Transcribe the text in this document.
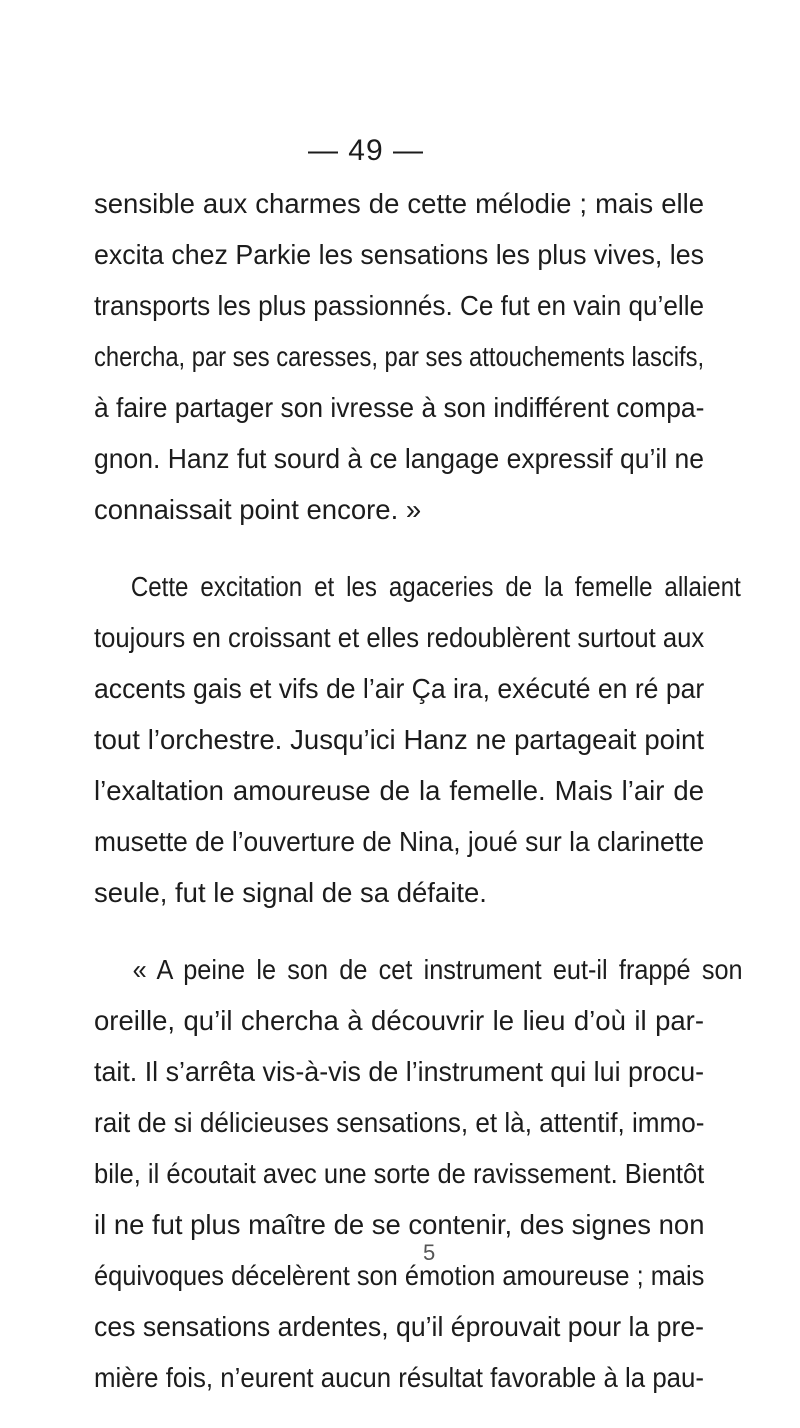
— 49 —
sensible aux charmes de cette mélodie ; mais elle
excita chez Parkie les sensations les plus vives, les
transports les plus passionnés. Ce fut en vain qu’elle
chercha, par ses caresses, par ses attouchements lascifs,
à faire partager son ivresse à son indifférent compa-
gnon. Hanz fut sourd à ce langage expressif qu’il ne
connaissait point encore. »
Cette excitation et les agaceries de la femelle allaient
toujours en croissant et elles redoublèrent surtout aux
accents gais et vifs de l’air Ça ira, exécuté en ré par
tout l’orchestre. Jusqu’ici Hanz ne partageait point
l’exaltation amoureuse de la femelle. Mais l’air de
musette de l’ouverture de Nina, joué sur la clarinette
seule, fut le signal de sa défaite.
« A peine le son de cet instrument eut-il frappé son
oreille, qu’il chercha à découvrir le lieu d’où il par-
tait. Il s’arrêta vis-à-vis de l’instrument qui lui procu-
rait de si délicieuses sensations, et là, attentif, immo-
bile, il écoutait avec une sorte de ravissement. Bientôt
il ne fut plus maître de se contenir, des signes non
équivoques décelèrent son émotion amoureuse ; mais
ces sensations ardentes, qu’il éprouvait pour la pre-
mière fois, n’eurent aucun résultat favorable à la pau-
5
